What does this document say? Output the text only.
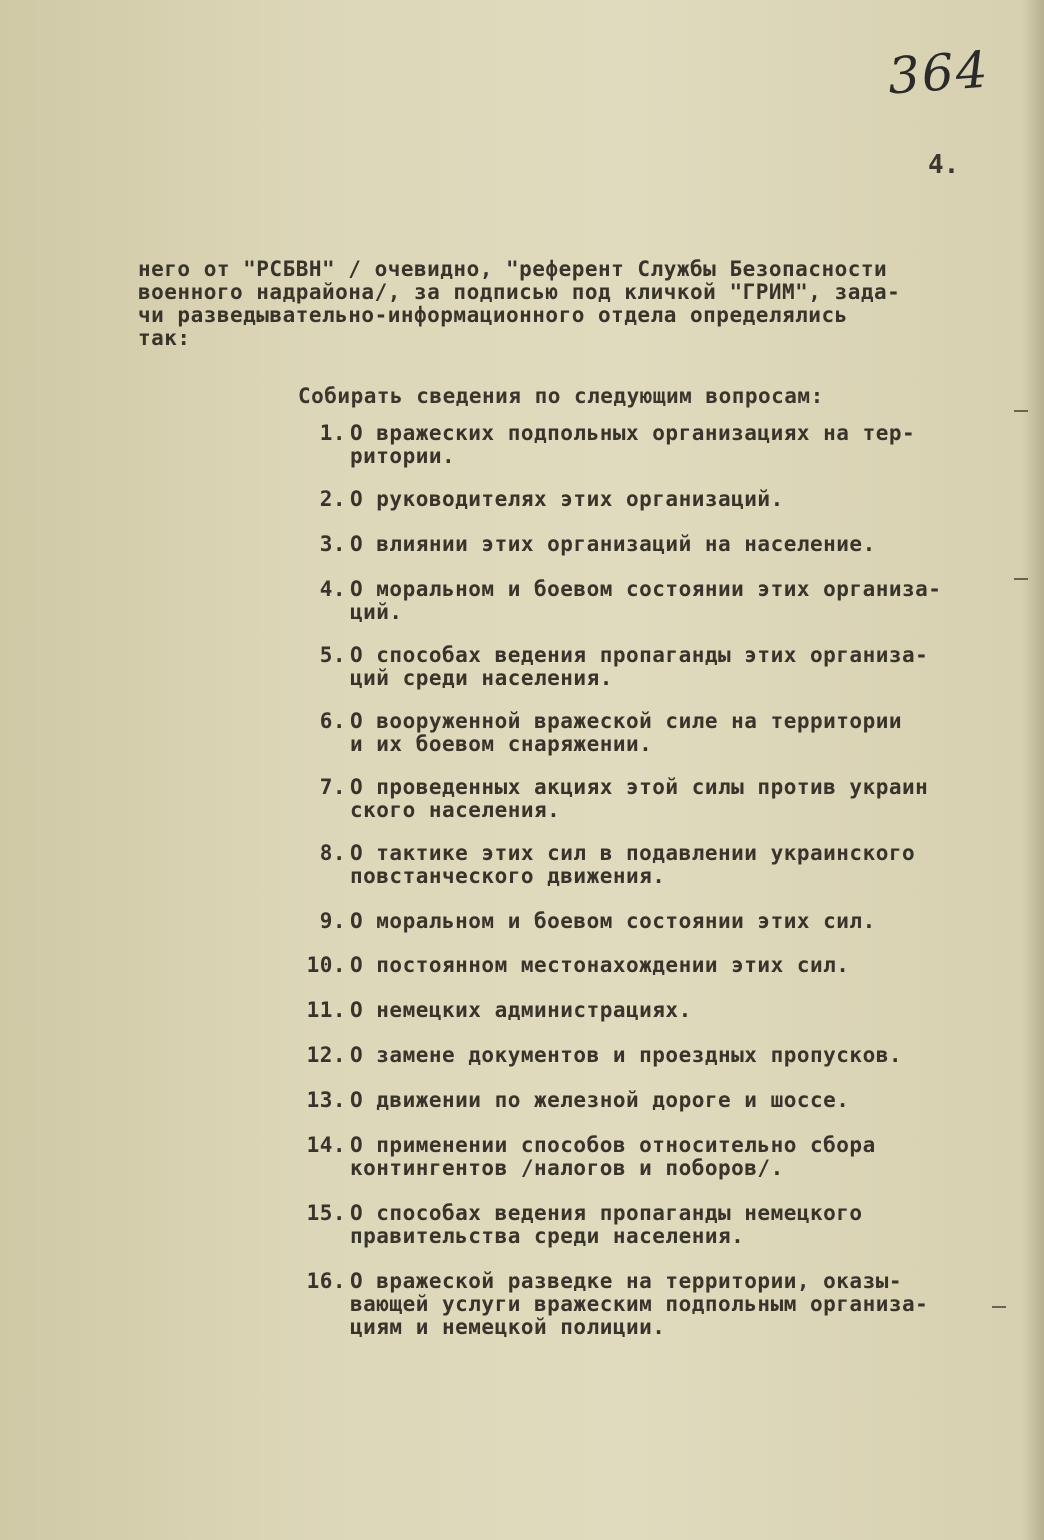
364
4.
него от "РСБВН" / очевидно, "референт Службы Безопасности
военного надрайона/, за подписью под кличкой "ГРИМ", зада-
чи разведывательно-информационного отдела определялись
так:
Собирать сведения по следующим вопросам:
1. О вражеских подпольных организациях на тер-
ритории.
2. О руководителях этих организаций.
3. О влиянии этих организаций на население.
4. О моральном и боевом состоянии этих организа-
ций.
5. О способах ведения пропаганды этих организа-
ций среди населения.
6. О вооруженной вражеской силе на территории
и их боевом снаряжении.
7. О проведенных акциях этой силы против украин
ского населения.
8. О тактике этих сил в подавлении украинского
повстанческого движения.
9. О моральном и боевом состоянии этих сил.
10. О постоянном местонахождении этих сил.
11. О немецких администрациях.
12. О замене документов и проездных пропусков.
13. О движении по железной дороге и шоссе.
14. О применении способов относительно сбора
контингентов /налогов и поборов/.
15. О способах ведения пропаганды немецкого
правительства среди населения.
16. О вражеской разведке на территории, оказы-
вающей услуги вражеским подпольным организа-
циям и немецкой полиции.
